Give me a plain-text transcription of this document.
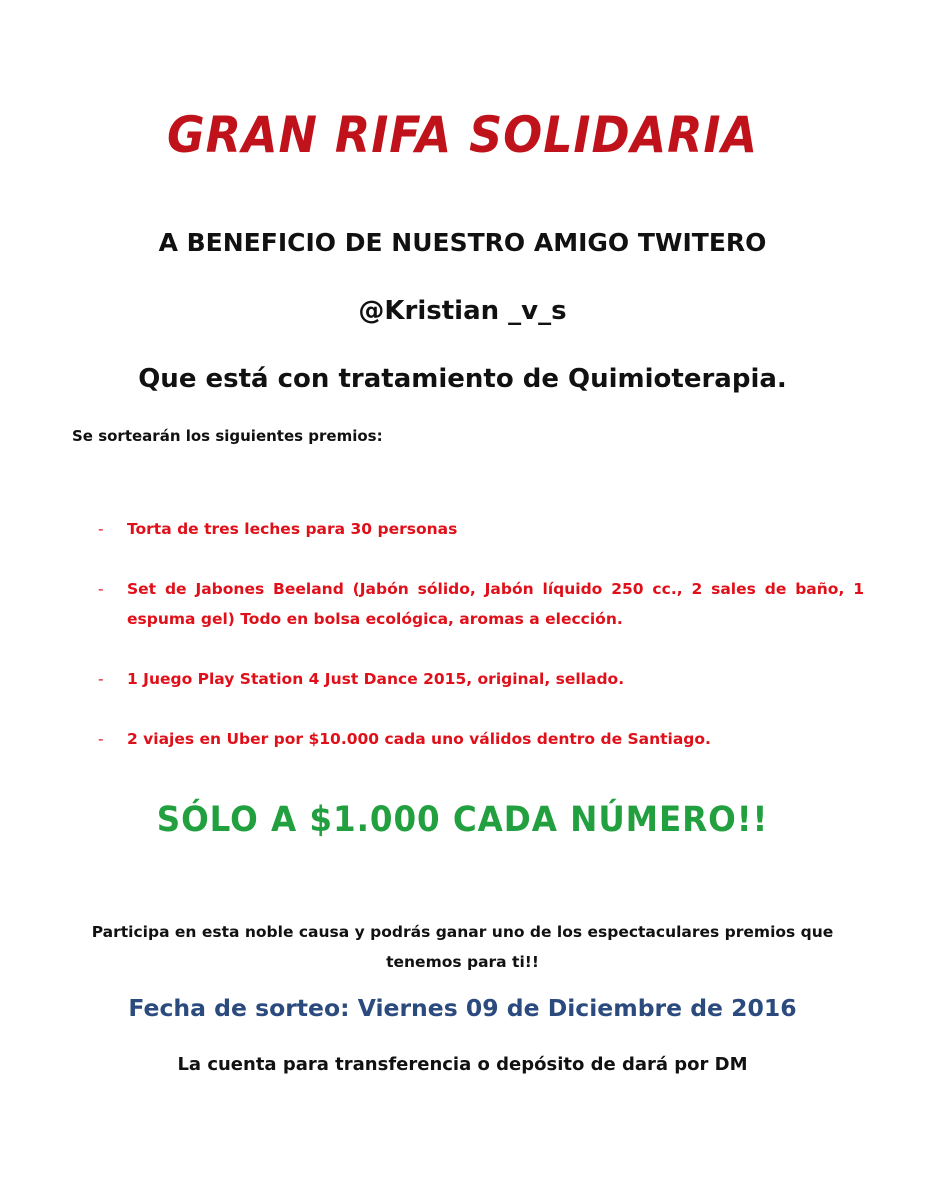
GRAN RIFA SOLIDARIA
A BENEFICIO DE NUESTRO AMIGO TWITERO
@Kristian _v_s
Que está con tratamiento de Quimioterapia.
Se sortearán los siguientes premios:
- Torta de tres leches para 30 personas
- Set de Jabones Beeland (Jabón sólido, Jabón líquido 250 cc., 2 sales de baño, 1 espuma gel) Todo en bolsa ecológica, aromas a elección.
- 1 Juego Play Station 4 Just Dance 2015, original, sellado.
- 2 viajes en Uber por $10.000 cada uno válidos dentro de Santiago.
SÓLO A $1.000 CADA NÚMERO!!
Participa en esta noble causa y podrás ganar uno de los espectaculares premios que tenemos para ti!!
Fecha de sorteo: Viernes 09 de Diciembre de 2016
La cuenta para transferencia o depósito de dará por DM
